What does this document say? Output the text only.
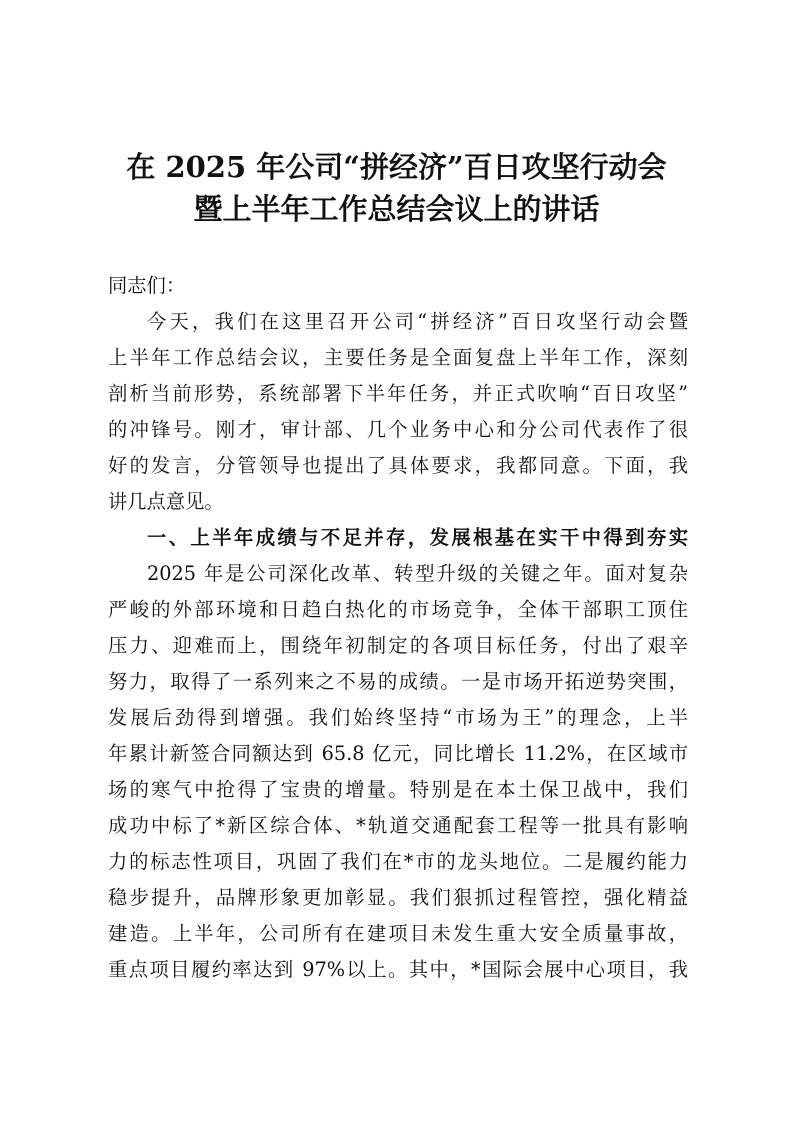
在 2025 年公司“拼经济”百日攻坚行动会
暨上半年工作总结会议上的讲话
同志们：
今天，我们在这里召开公司“拼经济”百日攻坚行动会暨
上半年工作总结会议，主要任务是全面复盘上半年工作，深刻
剖析当前形势，系统部署下半年任务，并正式吹响“百日攻坚”
的冲锋号。刚才，审计部、几个业务中心和分公司代表作了很
好的发言，分管领导也提出了具体要求，我都同意。下面，我
讲几点意见。
一、上半年成绩与不足并存，发展根基在实干中得到夯实
2025 年是公司深化改革、转型升级的关键之年。面对复杂
严峻的外部环境和日趋白热化的市场竞争，全体干部职工顶住
压力、迎难而上，围绕年初制定的各项目标任务，付出了艰辛
努力，取得了一系列来之不易的成绩。一是市场开拓逆势突围，
发展后劲得到增强。我们始终坚持“市场为王”的理念，上半
年累计新签合同额达到 65.8 亿元，同比增长 11.2%，在区域市
场的寒气中抢得了宝贵的增量。特别是在本土保卫战中，我们
成功中标了*新区综合体、*轨道交通配套工程等一批具有影响
力的标志性项目，巩固了我们在*市的龙头地位。二是履约能力
稳步提升，品牌形象更加彰显。我们狠抓过程管控，强化精益
建造。上半年，公司所有在建项目未发生重大安全质量事故，
重点项目履约率达到 97%以上。其中，*国际会展中心项目，我
